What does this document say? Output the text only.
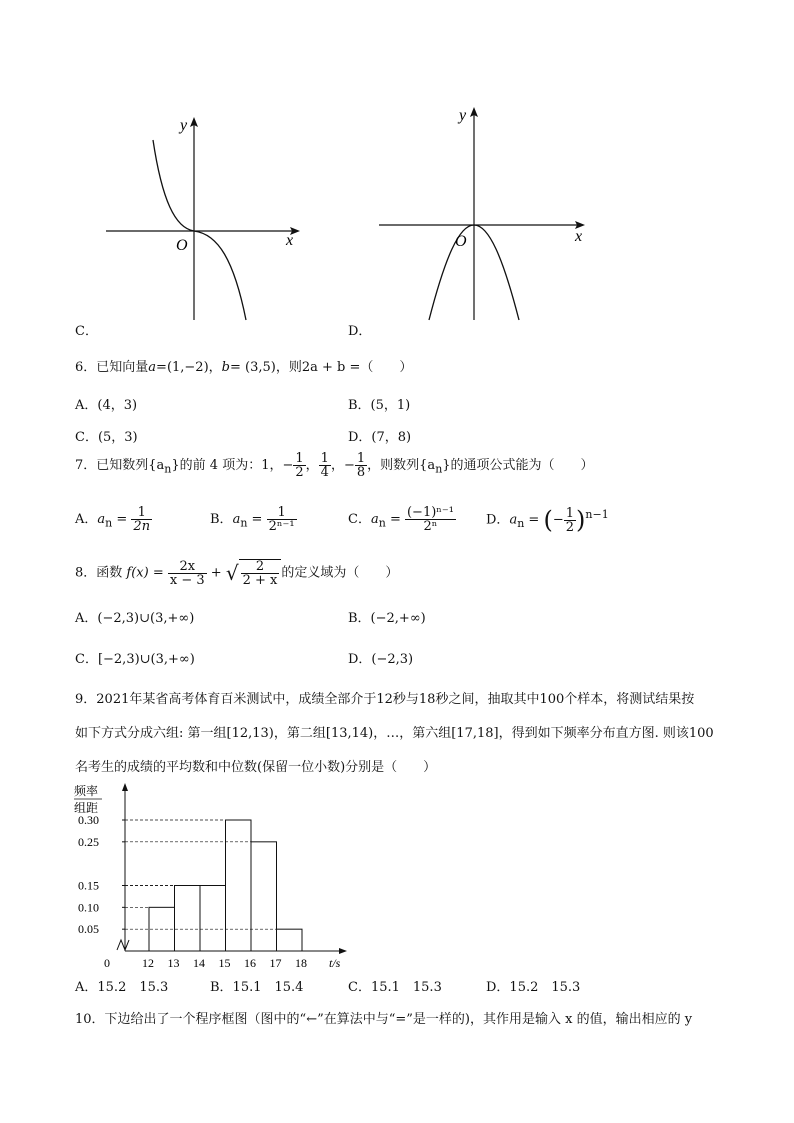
x
y
O
x
y
O
C．	D．
6．已知向量a=(1,−2)，b= (3,5)，则2a + b =（　　）
A．(4，3)	B．(5，1)
C．(5，3)	D．(7，8)
7．已知数列$\{a_n\}$的前 4 项为：1，− $\frac{1}{2}$ ， $\frac{1}{4}$ ，− $\frac{1}{8}$ ，则数列$\{a_n\}$的通项公式能为（　　）
A．$a_n = \frac{1}{2n}$	B．$a_n = \frac{1}{\text{2ⁿ⁻¹}}$	C．$a_n = \frac{\text{(−1)ⁿ⁻¹}}{\text{2ⁿ}}$ D．$a_n$ = (− $\frac{1}{2} )^{n-1}$
8．函数 $f(x) = \frac{2x}{x - 3}$ + √ $\frac{2}{2 + x}$ 的定义域为（　　）
A．(−2,3)∪(3,+∞)	B．(−2,+∞)
C．[−2,3)∪(3,+∞)	D．(−2,3)
9．2021年某省高考体育百米测试中，成绩全部介于12秒与18秒之间，抽取其中100个样本，将测试结果按
如下方式分成六组: 第一组[12,13)，第二组[13,14)，…，第六组[17,18]，得到如下频率分布直方图. 则该100
名考生的成绩的平均数和中位数(保留一位小数)分别是（　　）
频率
组距
0	t/s
0.30
0.25
0.15
0.10
0.05
12 13 14 15 16 17 18
A．15.2　15.3	B．15.1　15.4	C．15.1　15.3	D．15.2　15.3
10．下边给出了一个程序框图（图中的“←”在算法中与“=”是一样的)，其作用是输入 x 的值，输出相应的 y
